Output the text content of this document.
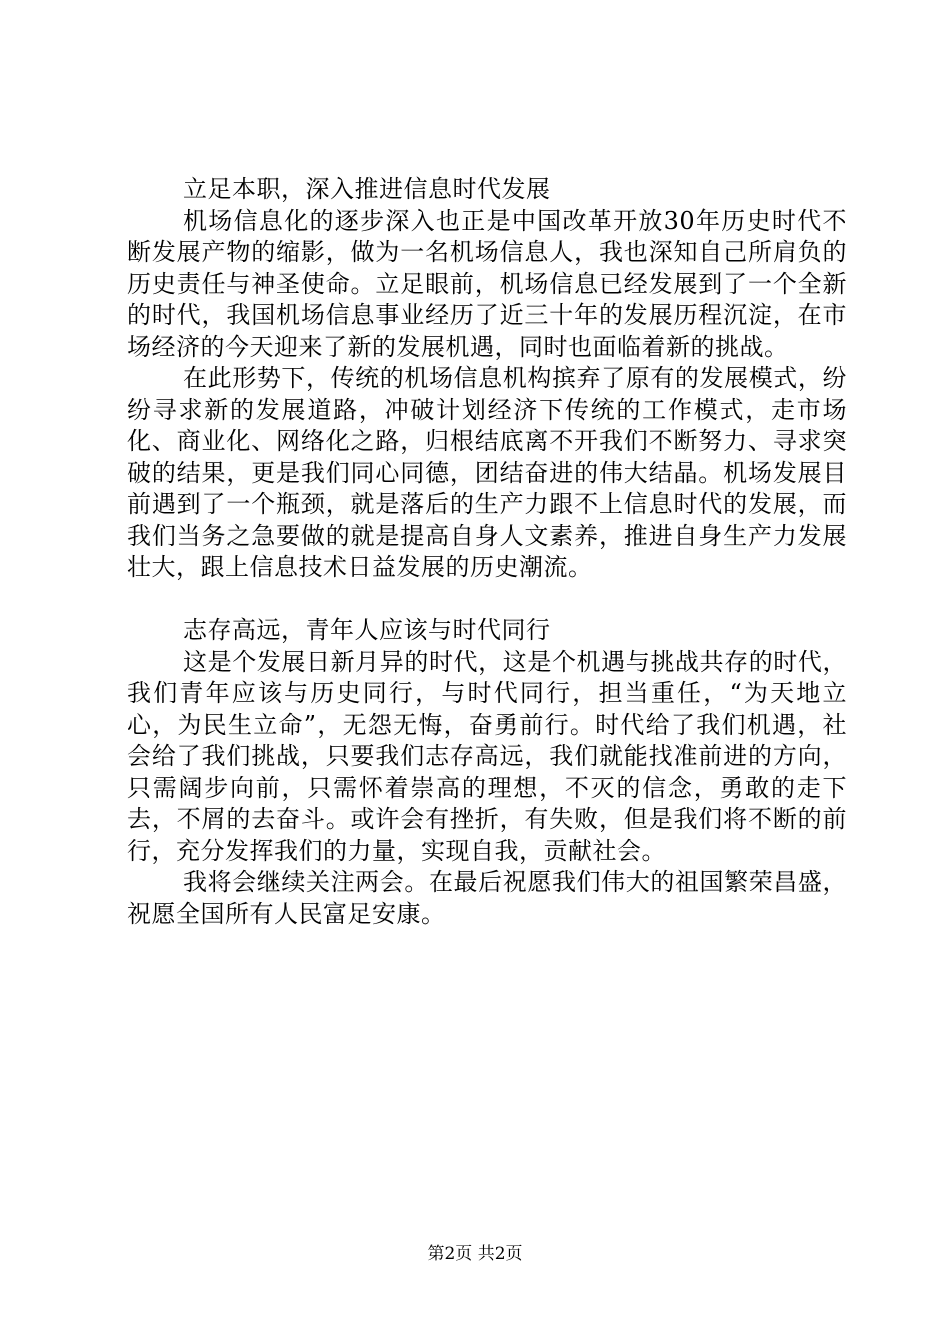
立足本职，深入推进信息时代发展

机场信息化的逐步深入也正是中国改革开放30年历史时代不断发展产物的缩影，做为一名机场信息人，我也深知自己所肩负的历史责任与神圣使命。立足眼前，机场信息已经发展到了一个全新的时代，我国机场信息事业经历了近三十年的发展历程沉淀，在市场经济的今天迎来了新的发展机遇，同时也面临着新的挑战。

在此形势下，传统的机场信息机构摈弃了原有的发展模式，纷纷寻求新的发展道路，冲破计划经济下传统的工作模式，走市场化、商业化、网络化之路，归根结底离不开我们不断努力、寻求突破的结果，更是我们同心同德，团结奋进的伟大结晶。机场发展目前遇到了一个瓶颈，就是落后的生产力跟不上信息时代的发展，而我们当务之急要做的就是提高自身人文素养，推进自身生产力发展壮大，跟上信息技术日益发展的历史潮流。

志存高远，青年人应该与时代同行

这是个发展日新月异的时代，这是个机遇与挑战共存的时代，我们青年应该与历史同行，与时代同行，担当重任，“为天地立心，为民生立命”，无怨无悔，奋勇前行。时代给了我们机遇，社会给了我们挑战，只要我们志存高远，我们就能找准前进的方向，只需阔步向前，只需怀着崇高的理想，不灭的信念，勇敢的走下去，不屑的去奋斗。或许会有挫折，有失败，但是我们将不断的前行，充分发挥我们的力量，实现自我，贡献社会。

我将会继续关注两会。在最后祝愿我们伟大的祖国繁荣昌盛，祝愿全国所有人民富足安康。

第2页 共2页
